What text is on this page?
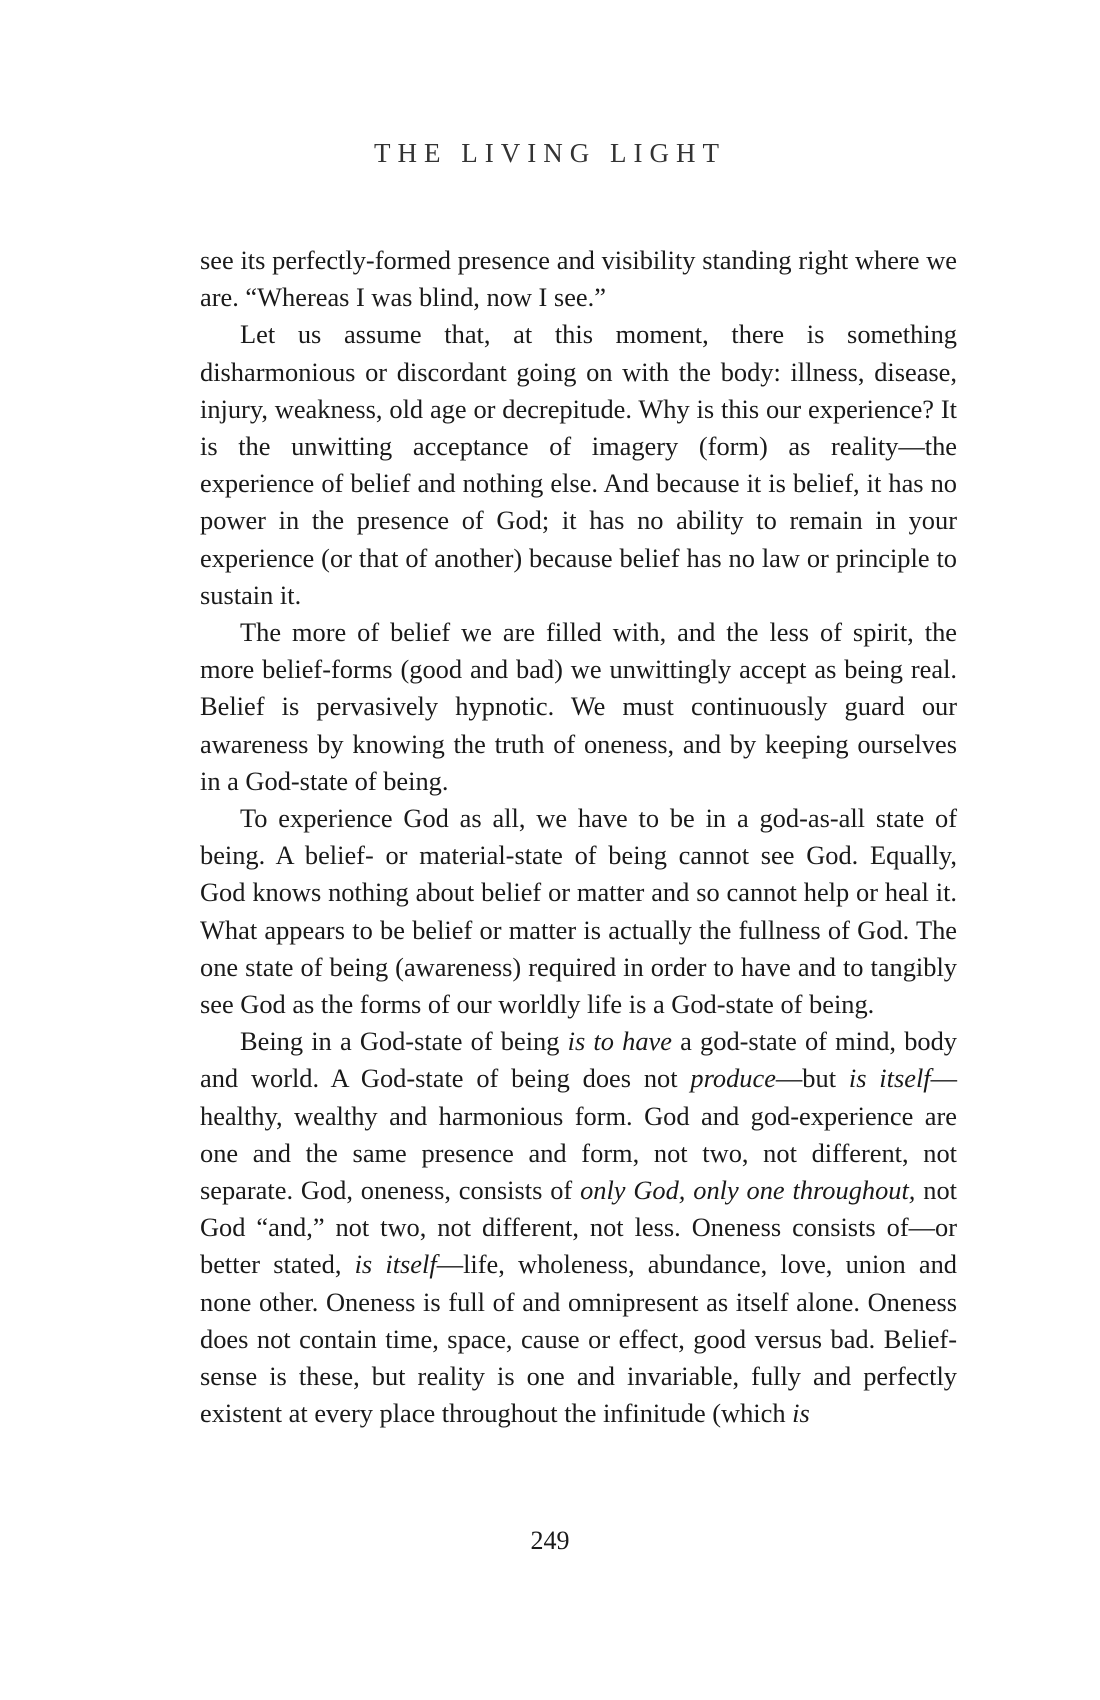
THE LIVING LIGHT

see its perfectly-formed presence and visibility standing right where we are. “Whereas I was blind, now I see.”

Let us assume that, at this moment, there is something disharmonious or discordant going on with the body: illness, disease, injury, weakness, old age or decrepitude. Why is this our experience? It is the unwitting acceptance of imagery (form) as reality—the experience of belief and nothing else. And because it is belief, it has no power in the presence of God; it has no ability to remain in your experience (or that of another) because belief has no law or principle to sustain it.

The more of belief we are filled with, and the less of spirit, the more belief-forms (good and bad) we unwittingly accept as being real. Belief is pervasively hypnotic. We must continuously guard our awareness by knowing the truth of oneness, and by keeping ourselves in a God-state of being.

To experience God as all, we have to be in a god-as-all state of being. A belief- or material-state of being cannot see God. Equally, God knows nothing about belief or matter and so cannot help or heal it. What appears to be belief or matter is actually the fullness of God. The one state of being (awareness) required in order to have and to tangibly see God as the forms of our worldly life is a God-state of being.

Being in a God-state of being is to have a god-state of mind, body and world. A God-state of being does not produce—but is itself—healthy, wealthy and harmonious form. God and god-experience are one and the same presence and form, not two, not different, not separate. God, oneness, consists of only God, only one throughout, not God “and,” not two, not different, not less. Oneness consists of—or better stated, is itself—life, wholeness, abundance, love, union and none other. Oneness is full of and omnipresent as itself alone. Oneness does not contain time, space, cause or effect, good versus bad. Belief-sense is these, but reality is one and invariable, fully and perfectly existent at every place throughout the infinitude (which is

249
